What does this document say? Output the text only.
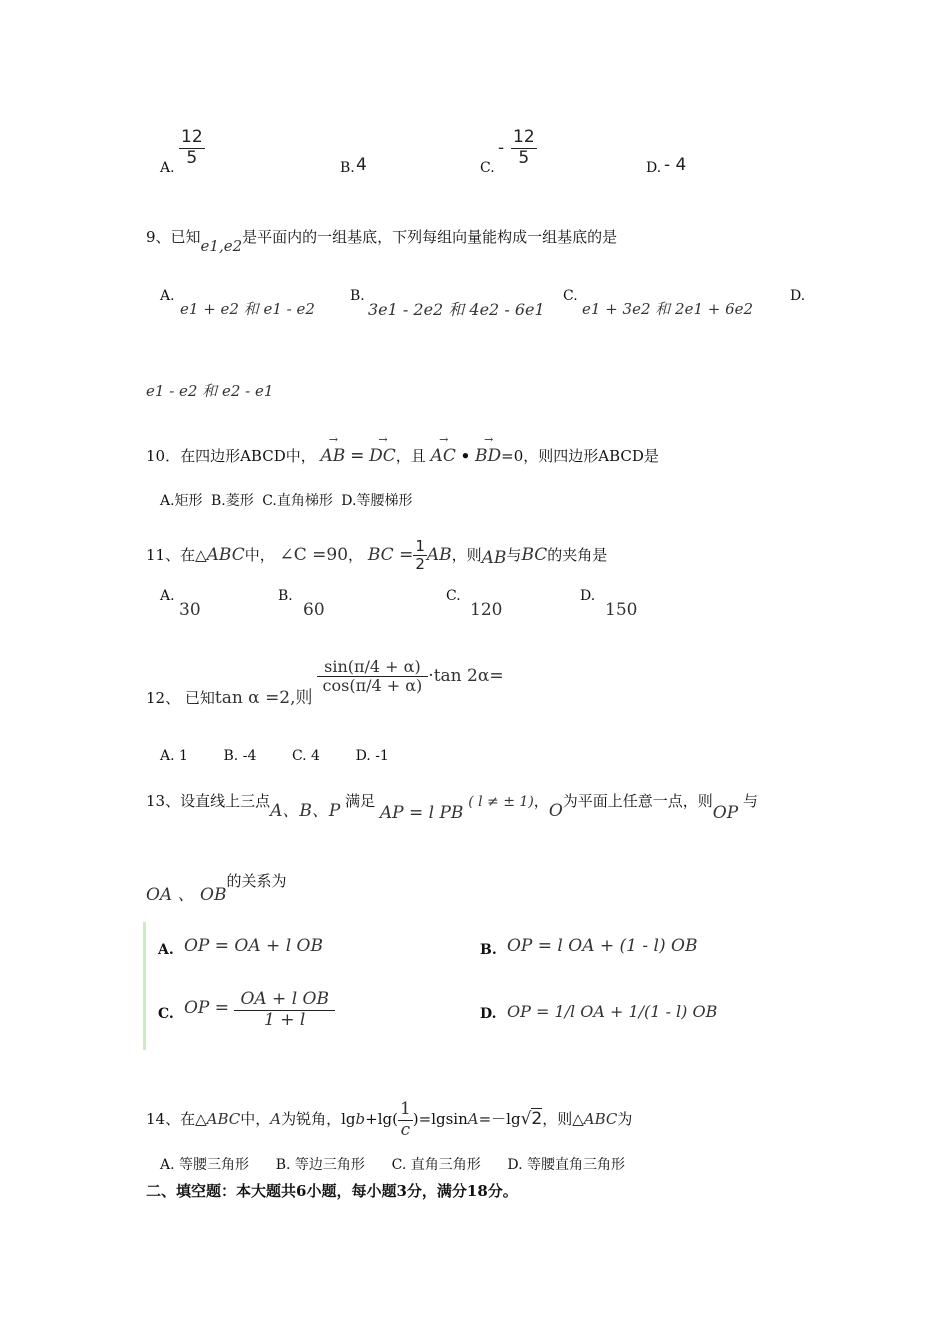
A. $\frac{12}{5}$	B. 4	C.
- $\frac{12}{5}$	D. - 4
9、已知e1,e2是平面内的一组基底，下列每组向量能构成一组基底的是
A.
e1 + e2 和 e1 - e2
B.
3e1 - 2e2 和 4e2 - 6e1
C.
e1 + 3e2 和 2e1 + 6e2
D.
e1 - e2 和 e2 - e1
10．在四边形ABCD中， → AB = → DC，且 → AC • → BD=0，则四边形ABCD是
A.矩形 B.菱形 C.直角梯形 D.等腰梯形
11、在△ABC中， ∠C =90， BC = $\frac{1}{2}$ AB，则AB与BC的夹角是
A.
30
B.
60
C.
120
D.
150
12、 已知tan α =2,则
$\frac{\sin(\pi/4 + \alpha)}{\cos(\pi/4 + \alpha)} \cdot\tan$ 2α=
A. 1        B. -4        C. 4        D. -1
13、设直线上三点A、B、P 满足 AP = l PB ( l ≠ ± 1)，O为平面上任意一点，则OP 与
OA 、 OB的关系为
A. OP = OA + l OB	B. OP = l OA + (1 - l) OB
C. OP = $\frac{\text{OA + l OB}}{1 + l}$	D. OP = 1/l OA + 1/(1 - l) OB
14、在△ABC中，A为锐角，$\lg b+\lg( \frac{1}{c} )=lgsinA=-\lg√2$，则△ABC为
A. 等腰三角形      B. 等边三角形      C. 直角三角形      D. 等腰直角三角形
二、填空题：本大题共6小题，每小题3分，满分18分。
